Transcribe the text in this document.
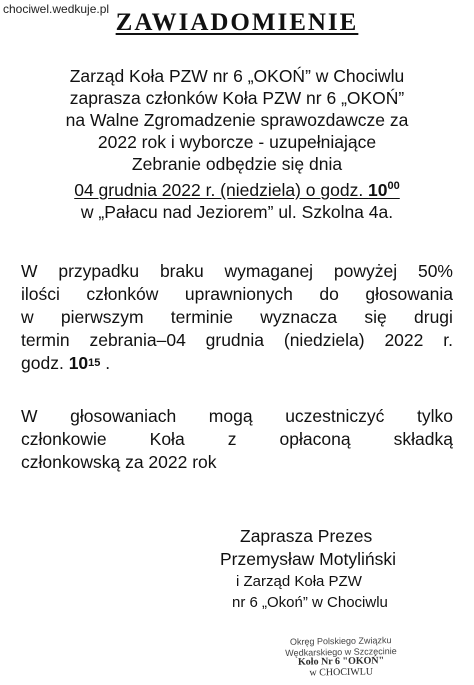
chociwel.wedkuje.pl ZAWIADOMIENIE
Zarząd Koła PZW nr 6 „OKOŃ” w Chociwlu
zaprasza członków Koła PZW nr 6 „OKOŃ”
na Walne Zgromadzenie sprawozdawcze za
2022 rok i wyborcze - uzupełniające
Zebranie odbędzie się dnia
04 grudnia 2022 r. (niedziela) o godz. $10^{00}$
w „Pałacu nad Jeziorem” ul. Szkolna 4a.
W przypadku braku wymaganej powyżej 50%
ilości członków uprawnionych do głosowania
w pierwszym terminie wyznacza się drugi
termin zebrania–04 grudnia (niedziela) 2022 r.
godz. 10 15 .
W głosowaniach mogą uczestniczyć tylko
członkowie Koła z opłaconą składką
członkowską za 2022 rok
Zaprasza Prezes
Przemysław Motyliński
i Zarząd Koła PZW
nr 6 „Okoń” w Chociwlu
Okręg Polskiego Związku
Wędkarskiego w Szczecinie
Koło Nr 6 "OKOŃ"
w CHOCIWLU
